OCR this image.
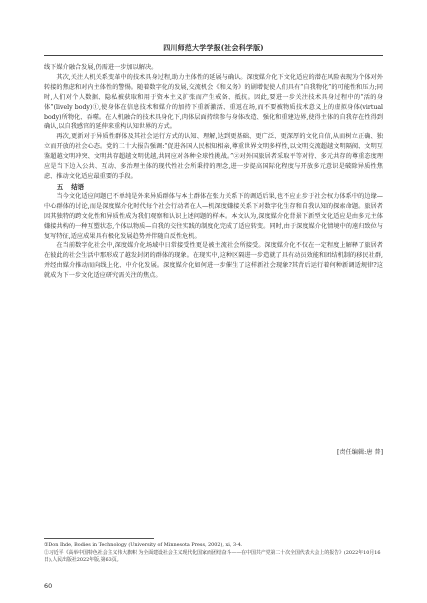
四川师范大学学报(社会科学版)

线下媒介融合发展,仍需进一步加以解决。

其次,关注人机关系变革中的技术具身过程,助力主体性的延展与确认。深度媒介化下文化适应的潜在风险表现为个体对外转接的焦虑和对内主体性的警惕。随着数字化的发展,交流机会《和义务》的剧增促使人们具有“自我物化”的可能性和压力;同时,人们对个人数据、隐私被获取和用于资本主义扩张而产生戒备、抵抗。因此,要进一步关注技术具身过程中的“活的身体”(lively body)①,使身体在信息技术和媒介的加持下重新激活、重返在场,而不要被物质技术意义上的虚拟身体(virtual body)所物化、吞噬。在人机融合的技术具身化下,肉体层面持续参与身体改造、强化和重建边界,使得主体的自我存在性得到确认,以自我感官的延伸来重构认知世界的方式。

再次,更新对于异质性群体及其社会运行方式的认知、理解,达到更基础、更广泛、更深厚的文化自信,从而树立正确、独立而开放的社会心态。党的二十大报告强调:“促进各国人民相知相亲,尊重世界文明多样性,以文明交流超越文明隔阂、文明互鉴超越文明冲突、文明共存超越文明优越,共同应对各种全球性挑战。”②对外国旅居者采取平等对待、多元共存的尊重态度理应是当下边入公共、互动、多治理主体的现代性社会所秉持的理念,进一步提高国际化程度与开放多元意识是破除异质性焦虑、推动文化适应最重要的手段。

五 结语

当今文化适应问题已不单纯是外来异质群体与本土群体在张力关系下的调适后果,也不应止步于社会权力体系中的边缘—中心群体的讨论,而是深度媒介化时代每个社会行动者在人—机深度嫌接关系下对数字化生存和自我认知的探索命题。旅居者因其独特的跨文化性和异质性成为我们观察和认识上述问题的样本。本文认为,深度媒介化背景下新型文化适应是由多元主体嫌接共构的一种互塑状态,个体以物质—自我的交往实践的制度化完成了适应转变。同时,由于深度媒介化情境中的遠归致位与复写特征,适应成果具有极化发展趋势并伴随自反性危机。

在当前数字化社会中,深度媒介化场域中日常接受性更是被主流社会所接受。深度媒介化不仅在一定程度上解释了旅居者在彼此的社会生活中那形成了越发封闭的群体的现象。在现实中,这种区隔进一步造就了具有动员效能和团结机制的移民社群,并经由媒介推动而向线上化、中介化发展。深度媒介化如何进一步催生了这样新社会现象?其背后运行着何种新调适规律?这就成为下一步文化适应研究需关注的焦点。

[责任编辑:唐 普]

①Don Ihde, Bodies in Technology (University of Minnesota Press, 2002), xi, 3-4.

②习近平《高举中国特色社会主义伟大旗帜 为全面建设社会主义现代化国家而团结奋斗——在中国共产党第二十次全国代表大会上的报告》(2022年10月16日),人民出版社2022年版,第63页。

60
